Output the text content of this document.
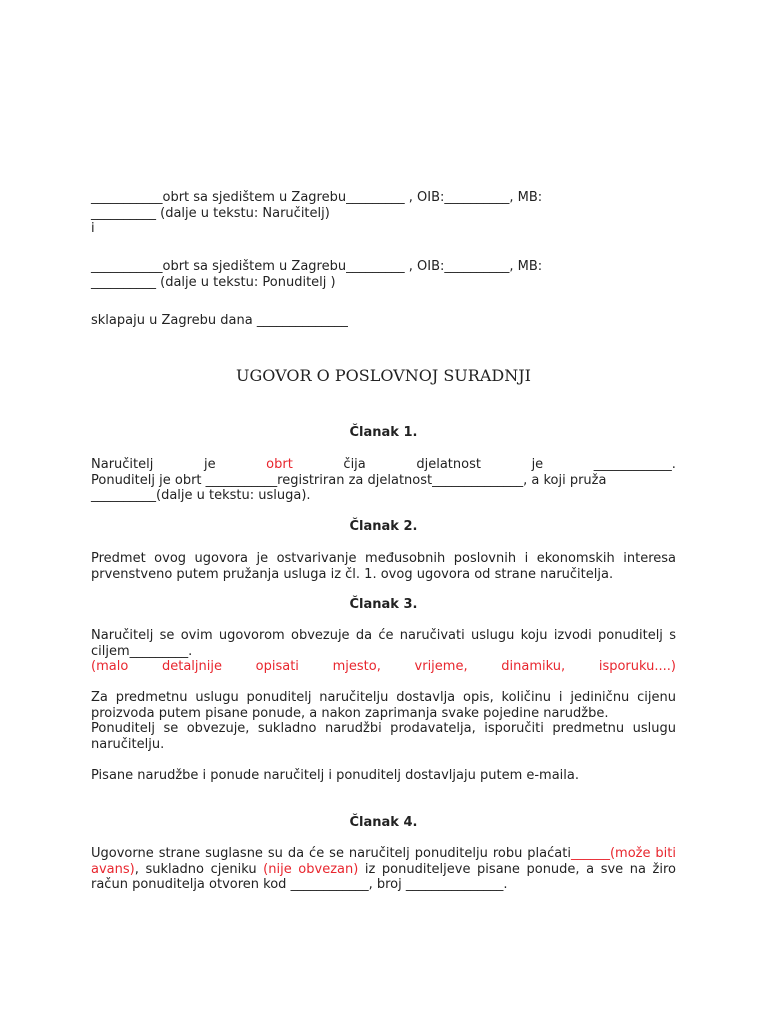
___________obrt sa sjedištem u Zagrebu_________ , OIB:__________, MB:

__________ (dalje u tekstu: Naručitelj)

i

___________obrt sa sjedištem u Zagrebu_________ , OIB:__________, MB:

__________ (dalje u tekstu: Ponuditelj )

sklapaju u Zagrebu dana ______________

UGOVOR O POSLOVNOJ SURADNJI
Članak 1.
Naručitelj	je	obrt	čija	djelatnost	je	____________.

Ponuditelj je obrt ___________registriran za djelatnost______________, a koji pruža

__________(dalje u tekstu: usluga).

Članak 2.

Predmet ovog ugovora je ostvarivanje međusobnih poslovnih i ekonomskih interesa prvenstveno putem pružanja usluga iz čl. 1. ovog ugovora od strane naručitelja.

Članak 3.

Naručitelj se ovim ugovorom obvezuje da će naručivati uslugu koju izvodi ponuditelj s ciljem_________.

(malo	detaljnije	opisati	mjesto,	vrijeme,	dinamiku,	isporuku....)

Za predmetnu uslugu ponuditelj naručitelju dostavlja opis, količinu i jediničnu cijenu proizvoda putem pisane ponude, a nakon zaprimanja svake pojedine narudžbe.

Ponuditelj se obvezuje, sukladno narudžbi prodavatelja, isporučiti predmetnu uslugu naručitelju.

Pisane narudžbe i ponude naručitelj i ponuditelj dostavljaju putem e-maila.

Članak 4.

Ugovorne strane suglasne su da će se naručitelj ponuditelju robu plaćati______(može biti avans), sukladno cjeniku (nije obvezan) iz ponuditeljeve pisane ponude, a sve na žiro račun ponuditelja otvoren kod ____________, broj _______________.
